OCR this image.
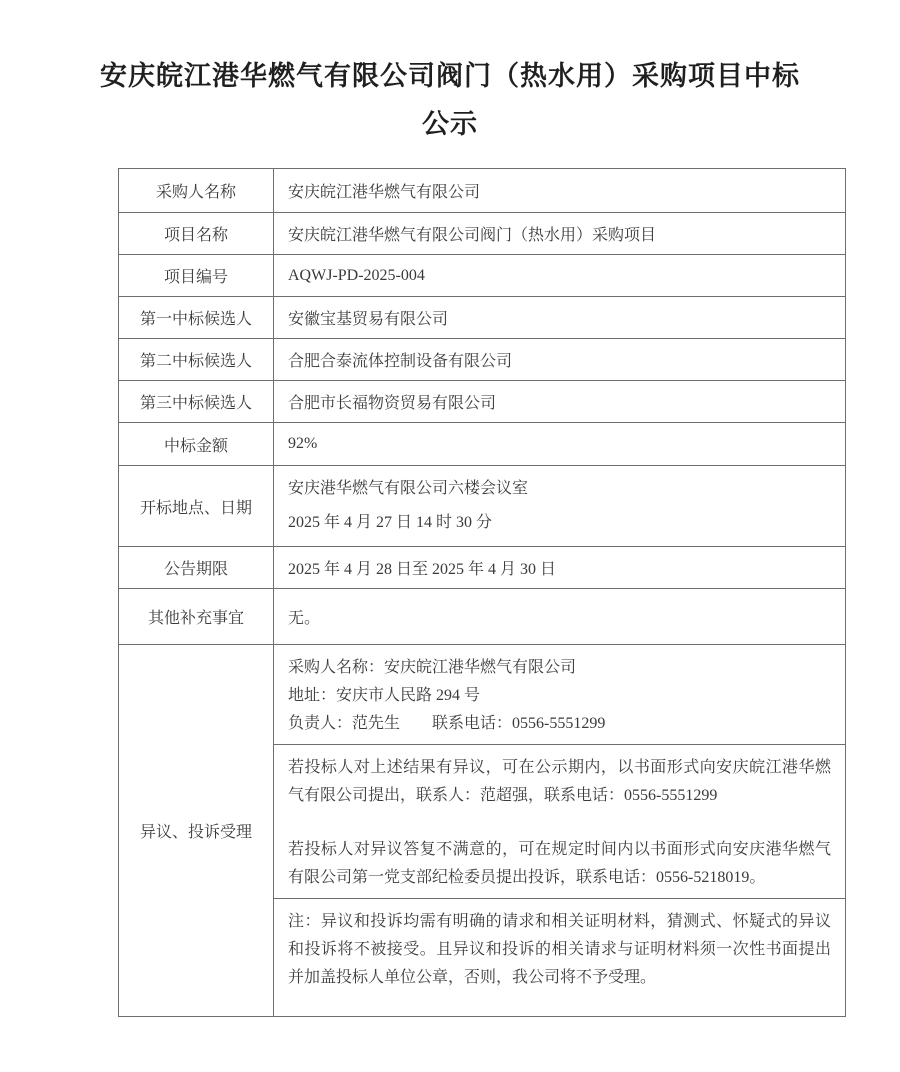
安庆皖江港华燃气有限公司阀门（热水用）采购项目中标
公示
采购人名称	安庆皖江港华燃气有限公司
项目名称	安庆皖江港华燃气有限公司阀门（热水用）采购项目
项目编号	AQWJ-PD-2025-004
第一中标候选人	安徽宝基贸易有限公司
第二中标候选人	合肥合泰流体控制设备有限公司
第三中标候选人	合肥市长福物资贸易有限公司
中标金额	92%
开标地点、日期	安庆港华燃气有限公司六楼会议室
2025 年 4 月 27 日 14 时 30 分

公告期限	2025 年 4 月 28 日至 2025 年 4 月 30 日
其他补充事宜	无。
异议、投诉受理	采购人名称：安庆皖江港华燃气有限公司
地址：安庆市人民路 294 号
负责人：范先生　　联系电话：0556-5551299

	若投标人对上述结果有异议，可在公示期内，以书面形式向安庆皖江港华燃气有限公司提出，联系人：范超强，联系电话：0556-5551299

若投标人对异议答复不满意的，可在规定时间内以书面形式向安庆港华燃气有限公司第一党支部纪检委员提出投诉，联系电话：0556-5218019。

	注：异议和投诉均需有明确的请求和相关证明材料，猜测式、怀疑式的异议和投诉将不被接受。且异议和投诉的相关请求与证明材料须一次性书面提出并加盖投标人单位公章，否则，我公司将不予受理。
